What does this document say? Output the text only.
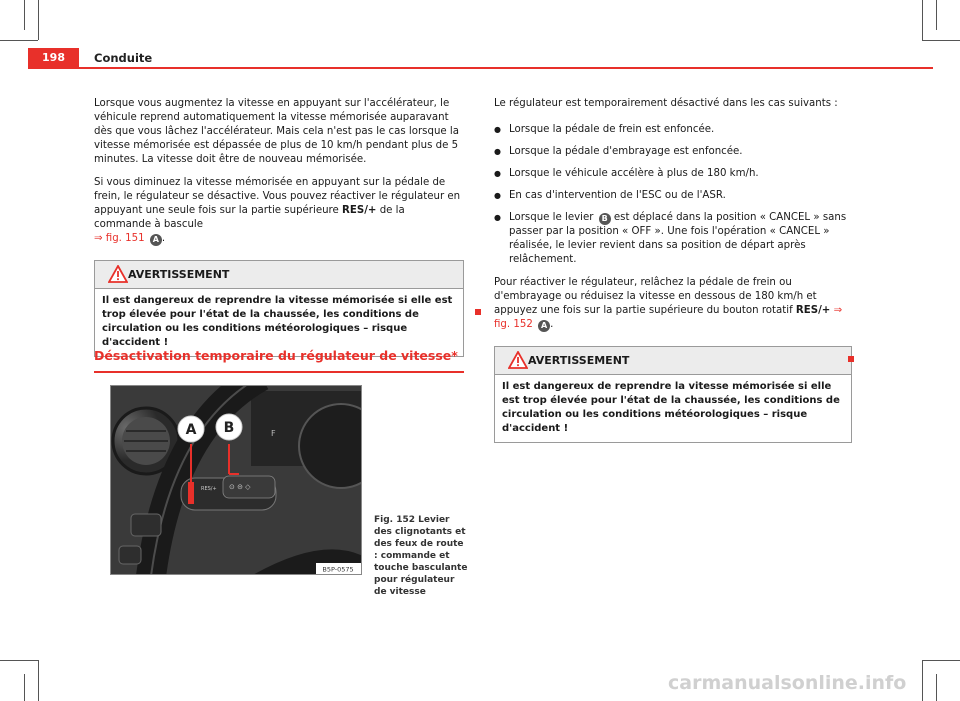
198	Conduite

Lorsque vous augmentez la vitesse en appuyant sur l'accélérateur, le véhicule reprend automatiquement la vitesse mémorisée auparavant dès que vous lâchez l'accélérateur. Mais cela n'est pas le cas lorsque la vitesse mémorisée est dépassée de plus de 10 km/h pendant plus de 5 minutes. La vitesse doit être de nouveau mémorisée.

Si vous diminuez la vitesse mémorisée en appuyant sur la pédale de frein, le régulateur se désactive. Vous pouvez réactiver le régulateur en appuyant une seule fois sur la partie supérieure RES/+ de la commande à bascule
⇒ fig. 151 A .

AVERTISSEMENT
Il est dangereux de reprendre la vitesse mémorisée si elle est trop élevée pour l'état de la chaussée, les conditions de circulation ou les conditions météorologiques – risque d'accident !
Désactivation temporaire du régulateur de vitesse*
F
RES/+ ⊙ ⊝ ◇
A B
B5P-0575
Fig. 152 Levier des clignotants et des feux de route : commande et touche basculante pour régulateur de vitesse

Le régulateur est temporairement désactivé dans les cas suivants :

● Lorsque la pédale de frein est enfoncée.
● Lorsque la pédale d'embrayage est enfoncée.
● Lorsque le véhicule accélère à plus de 180 km/h.
● En cas d'intervention de l'ESC ou de l'ASR.
● Lorsque le levier B est déplacé dans la position « CANCEL » sans passer par la position « OFF ». Une fois l'opération « CANCEL » réalisée, le levier revient dans sa position de départ après relâchement.

Pour réactiver le régulateur, relâchez la pédale de frein ou d'embrayage ou réduisez la vitesse en dessous de 180 km/h et appuyez une fois sur la partie supérieure du bouton rotatif RES/+ ⇒ fig. 152 A .

AVERTISSEMENT
Il est dangereux de reprendre la vitesse mémorisée si elle est trop élevée pour l'état de la chaussée, les conditions de circulation ou les conditions météorologiques – risque d'accident !
carmanualsonline.info
